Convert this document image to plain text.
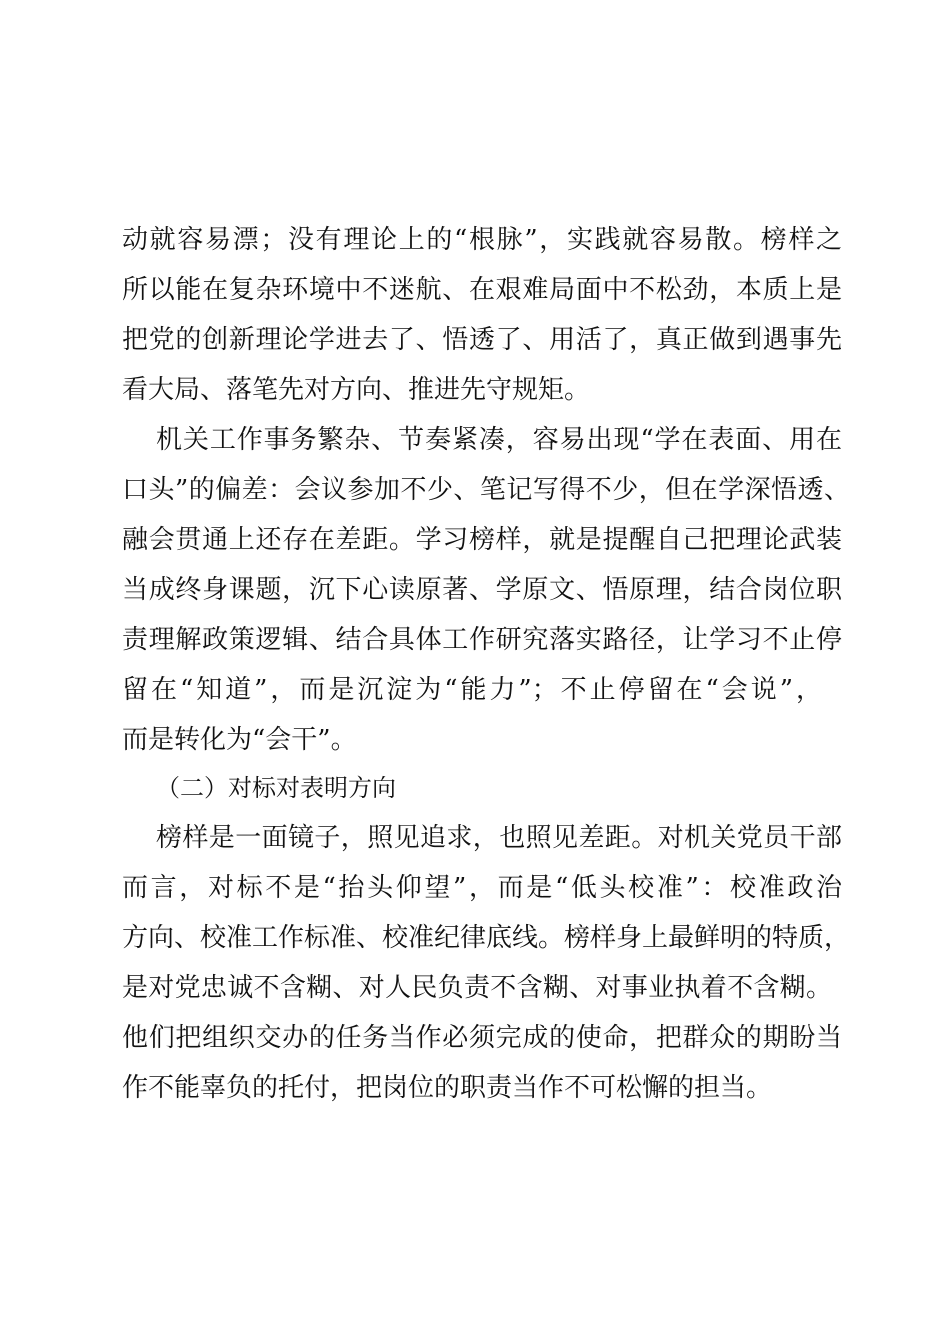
动就容易漂；没有理论上的“根脉”，实践就容易散。榜样之
所以能在复杂环境中不迷航、在艰难局面中不松劲，本质上是
把党的创新理论学进去了、悟透了、用活了，真正做到遇事先
看大局、落笔先对方向、推进先守规矩。
机关工作事务繁杂、节奏紧凑，容易出现“学在表面、用在
口头”的偏差：会议参加不少、笔记写得不少，但在学深悟透、
融会贯通上还存在差距。学习榜样，就是提醒自己把理论武装
当成终身课题，沉下心读原著、学原文、悟原理，结合岗位职
责理解政策逻辑、结合具体工作研究落实路径，让学习不止停
留在“知道”，而是沉淀为“能力”；不止停留在“会说”，
而是转化为“会干”。
（二）对标对表明方向
榜样是一面镜子，照见追求，也照见差距。对机关党员干部
而言，对标不是“抬头仰望”，而是“低头校准”：校准政治
方向、校准工作标准、校准纪律底线。榜样身上最鲜明的特质，
是对党忠诚不含糊、对人民负责不含糊、对事业执着不含糊。
他们把组织交办的任务当作必须完成的使命，把群众的期盼当
作不能辜负的托付，把岗位的职责当作不可松懈的担当。
